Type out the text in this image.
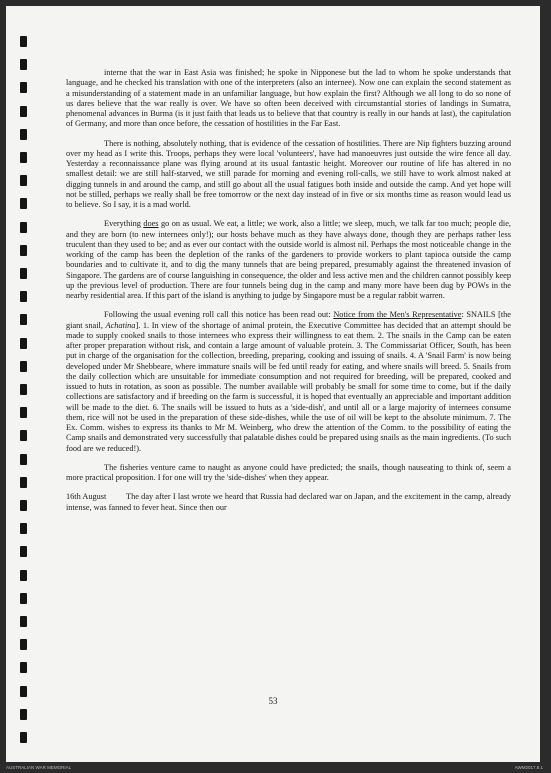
interne that the war in East Asia was finished; he spoke in Nipponese but the lad to whom he spoke understands that language, and he checked his translation with one of the interpreters (also an internee). Now one can explain the second statement as a misunderstanding of a statement made in an unfamiliar language, but how explain the first? Although we all long to do so none of us dares believe that the war really is over. We have so often been deceived with circumstantial stories of landings in Sumatra, phenomenal advances in Burma (is it just faith that leads us to believe that that country is really in our hands at last), the capitulation of Germany, and more than once before, the cessation of hostilities in the Far East.

There is nothing, absolutely nothing, that is evidence of the cessation of hostilities. There are Nip fighters buzzing around over my head as I write this. Troops, perhaps they were local 'volunteers', have had manoeuvres just outside the wire fence all day. Yesterday a reconnaissance plane was flying around at its usual fantastic height. Moreover our routine of life has altered in no smallest detail: we are still half-starved, we still parade for morning and evening roll-calls, we still have to work almost naked at digging tunnels in and around the camp, and still go about all the usual fatigues both inside and outside the camp. And yet hope will not be stilled, perhaps we really shall be free tomorrow or the next day instead of in five or six months time as reason would lead us to believe. So I say, it is a mad world.

Everything does go on as usual. We eat, a little; we work, also a little; we sleep, much, we talk far too much; people die, and they are born (to new internees only!); our hosts behave much as they have always done, though they are perhaps rather less truculent than they used to be; and as ever our contact with the outside world is almost nil. Perhaps the most noticeable change in the working of the camp has been the depletion of the ranks of the gardeners to provide workers to plant tapioca outside the camp boundaries and to cultivate it, and to dig the many tunnels that are being prepared, presumably against the threatened invasion of Singapore. The gardens are of course languishing in consequence, the older and less active men and the children cannot possibly keep up the previous level of production. There are four tunnels being dug in the camp and many more have been dug by POWs in the nearby residential area. If this part of the island is anything to judge by Singapore must be a regular rabbit warren.

Following the usual evening roll call this notice has been read out: Notice from the Men's Representative: SNAILS [the giant snail, Achatina]. 1. In view of the shortage of animal protein, the Executive Committee has decided that an attempt should be made to supply cooked snails to those internees who express their willingness to eat them. 2. The snails in the Camp can be eaten after proper preparation without risk, and contain a large amount of valuable protein. 3. The Commissariat Officer, South, has been put in charge of the organisation for the collection, breeding, preparing, cooking and issuing of snails. 4. A 'Snail Farm' is now being developed under Mr Shebbeare, where immature snails will be fed until ready for eating, and where snails will breed. 5. Snails from the daily collection which are unsuitable for immediate consumption and not required for breeding, will be prepared, cooked and issued to huts in rotation, as soon as possible. The number available will probably be small for some time to come, but if the daily collections are satisfactory and if breeding on the farm is successful, it is hoped that eventually an appreciable and important addition will be made to the diet. 6. The snails will be issued to huts as a 'side-dish', and until all or a large majority of internees consume them, rice will not be used in the preparation of these side-dishes, while the use of oil will be kept to the absolute minimum. 7. The Ex. Comm. wishes to express its thanks to Mr M. Weinberg, who drew the attention of the Comm. to the possibility of eating the Camp snails and demonstrated very successfully that palatable dishes could be prepared using snails as the main ingredients. (To such food are we reduced!).

The fisheries venture came to naught as anyone could have predicted; the snails, though nauseating to think of, seem a more practical proposition. I for one will try the 'side-dishes' when they appear.

16th August The day after I last wrote we heard that Russia had declared war on Japan, and the excitement in the camp, already intense, was fanned to fever heat. Since then our

53
AUSTRALIAN WAR MEMORIAL	AWM2017.8.1
